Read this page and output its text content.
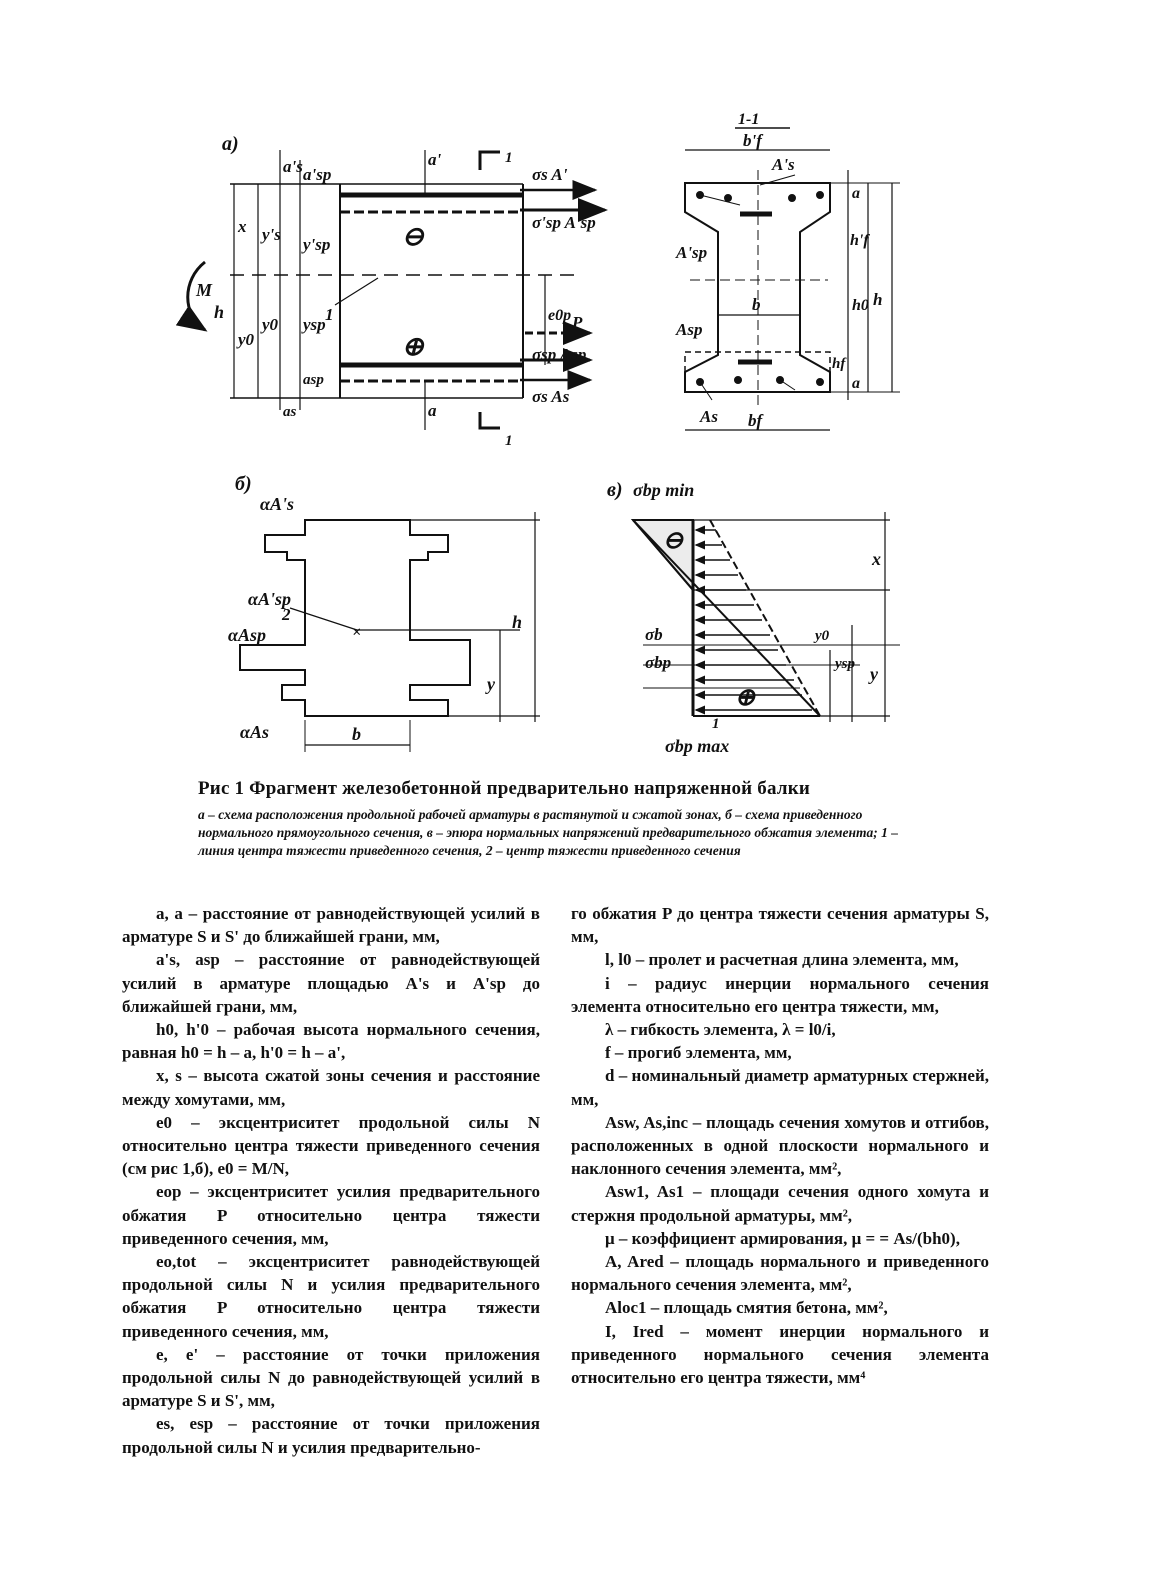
а)
a's a'sp
a'	1
σs A'
σ'sp A'sp
⊖
M
h
x y's
y'sp
y0
y0 ysp
1	e0p P
⊕	σsp Asp
σs As
asp
as	a
1
1-1
b'f
A's
a
h'f
A'sp
b	h0 h
Asp
hf
a
As bf
б)
αA's
αA'sp
2
αAsp
αAs	b
h
y
×
в) σbp min
⊖
x
y0
σb
ysp
σbp
y
⊕
1
σbp max

Рис 1 Фрагмент железобетонной предварительно напряженной балки

а – схема расположения продольной рабочей арматуры в растянутой и сжатой зонах, б – схема приведенного нормального прямоугольного сечения, в – эпюра нормальных напряжений предварительного обжатия элемента; 1 – линия центра тяжести приведенного сечения, 2 – центр тяжести приведенного сечения

a, a – расстояние от равнодействующей усилий в арматуре S и S' до ближайшей грани, мм,

a's, asp – расстояние от равнодействующей усилий в арматуре площадью A's и A'sp до ближайшей грани, мм,

h0, h'0 – рабочая высота нормального сечения, равная h0 = h – a, h'0 = h – a',

x, s – высота сжатой зоны сечения и расстояние между хомутами, мм,

e0 – эксцентриситет продольной силы N относительно центра тяжести приведенного сечения (см рис 1,б), e0 = M/N,

eop – эксцентриситет усилия предварительного обжатия P относительно центра тяжести приведенного сечения, мм,

eo,tot – эксцентриситет равнодействующей продольной силы N и усилия предварительного обжатия P относительно центра тяжести приведенного сечения, мм,

e, e' – расстояние от точки приложения продольной силы N до равнодействующей усилий в арматуре S и S', мм,

es, esp – расстояние от точки приложения продольной силы N и усилия предварительно-

го обжатия P до центра тяжести сечения арматуры S, мм,

l, l0 – пролет и расчетная длина элемента, мм,

i – радиус инерции нормального сечения элемента относительно его центра тяжести, мм,

λ – гибкость элемента, λ = l0/i,

f – прогиб элемента, мм,

d – номинальный диаметр арматурных стержней, мм,

Asw, As,inc – площадь сечения хомутов и отгибов, расположенных в одной плоскости нормального и наклонного сечения элемента, мм²,

Asw1, As1 – площади сечения одного хомута и стержня продольной арматуры, мм²,

μ – коэффициент армирования, μ = = As/(bh0),

A, Ared – площадь нормального и приведенного нормального сечения элемента, мм²,

Aloc1 – площадь смятия бетона, мм²,

I, Ired – момент инерции нормального и приведенного нормального сечения элемента относительно его центра тяжести, мм⁴
